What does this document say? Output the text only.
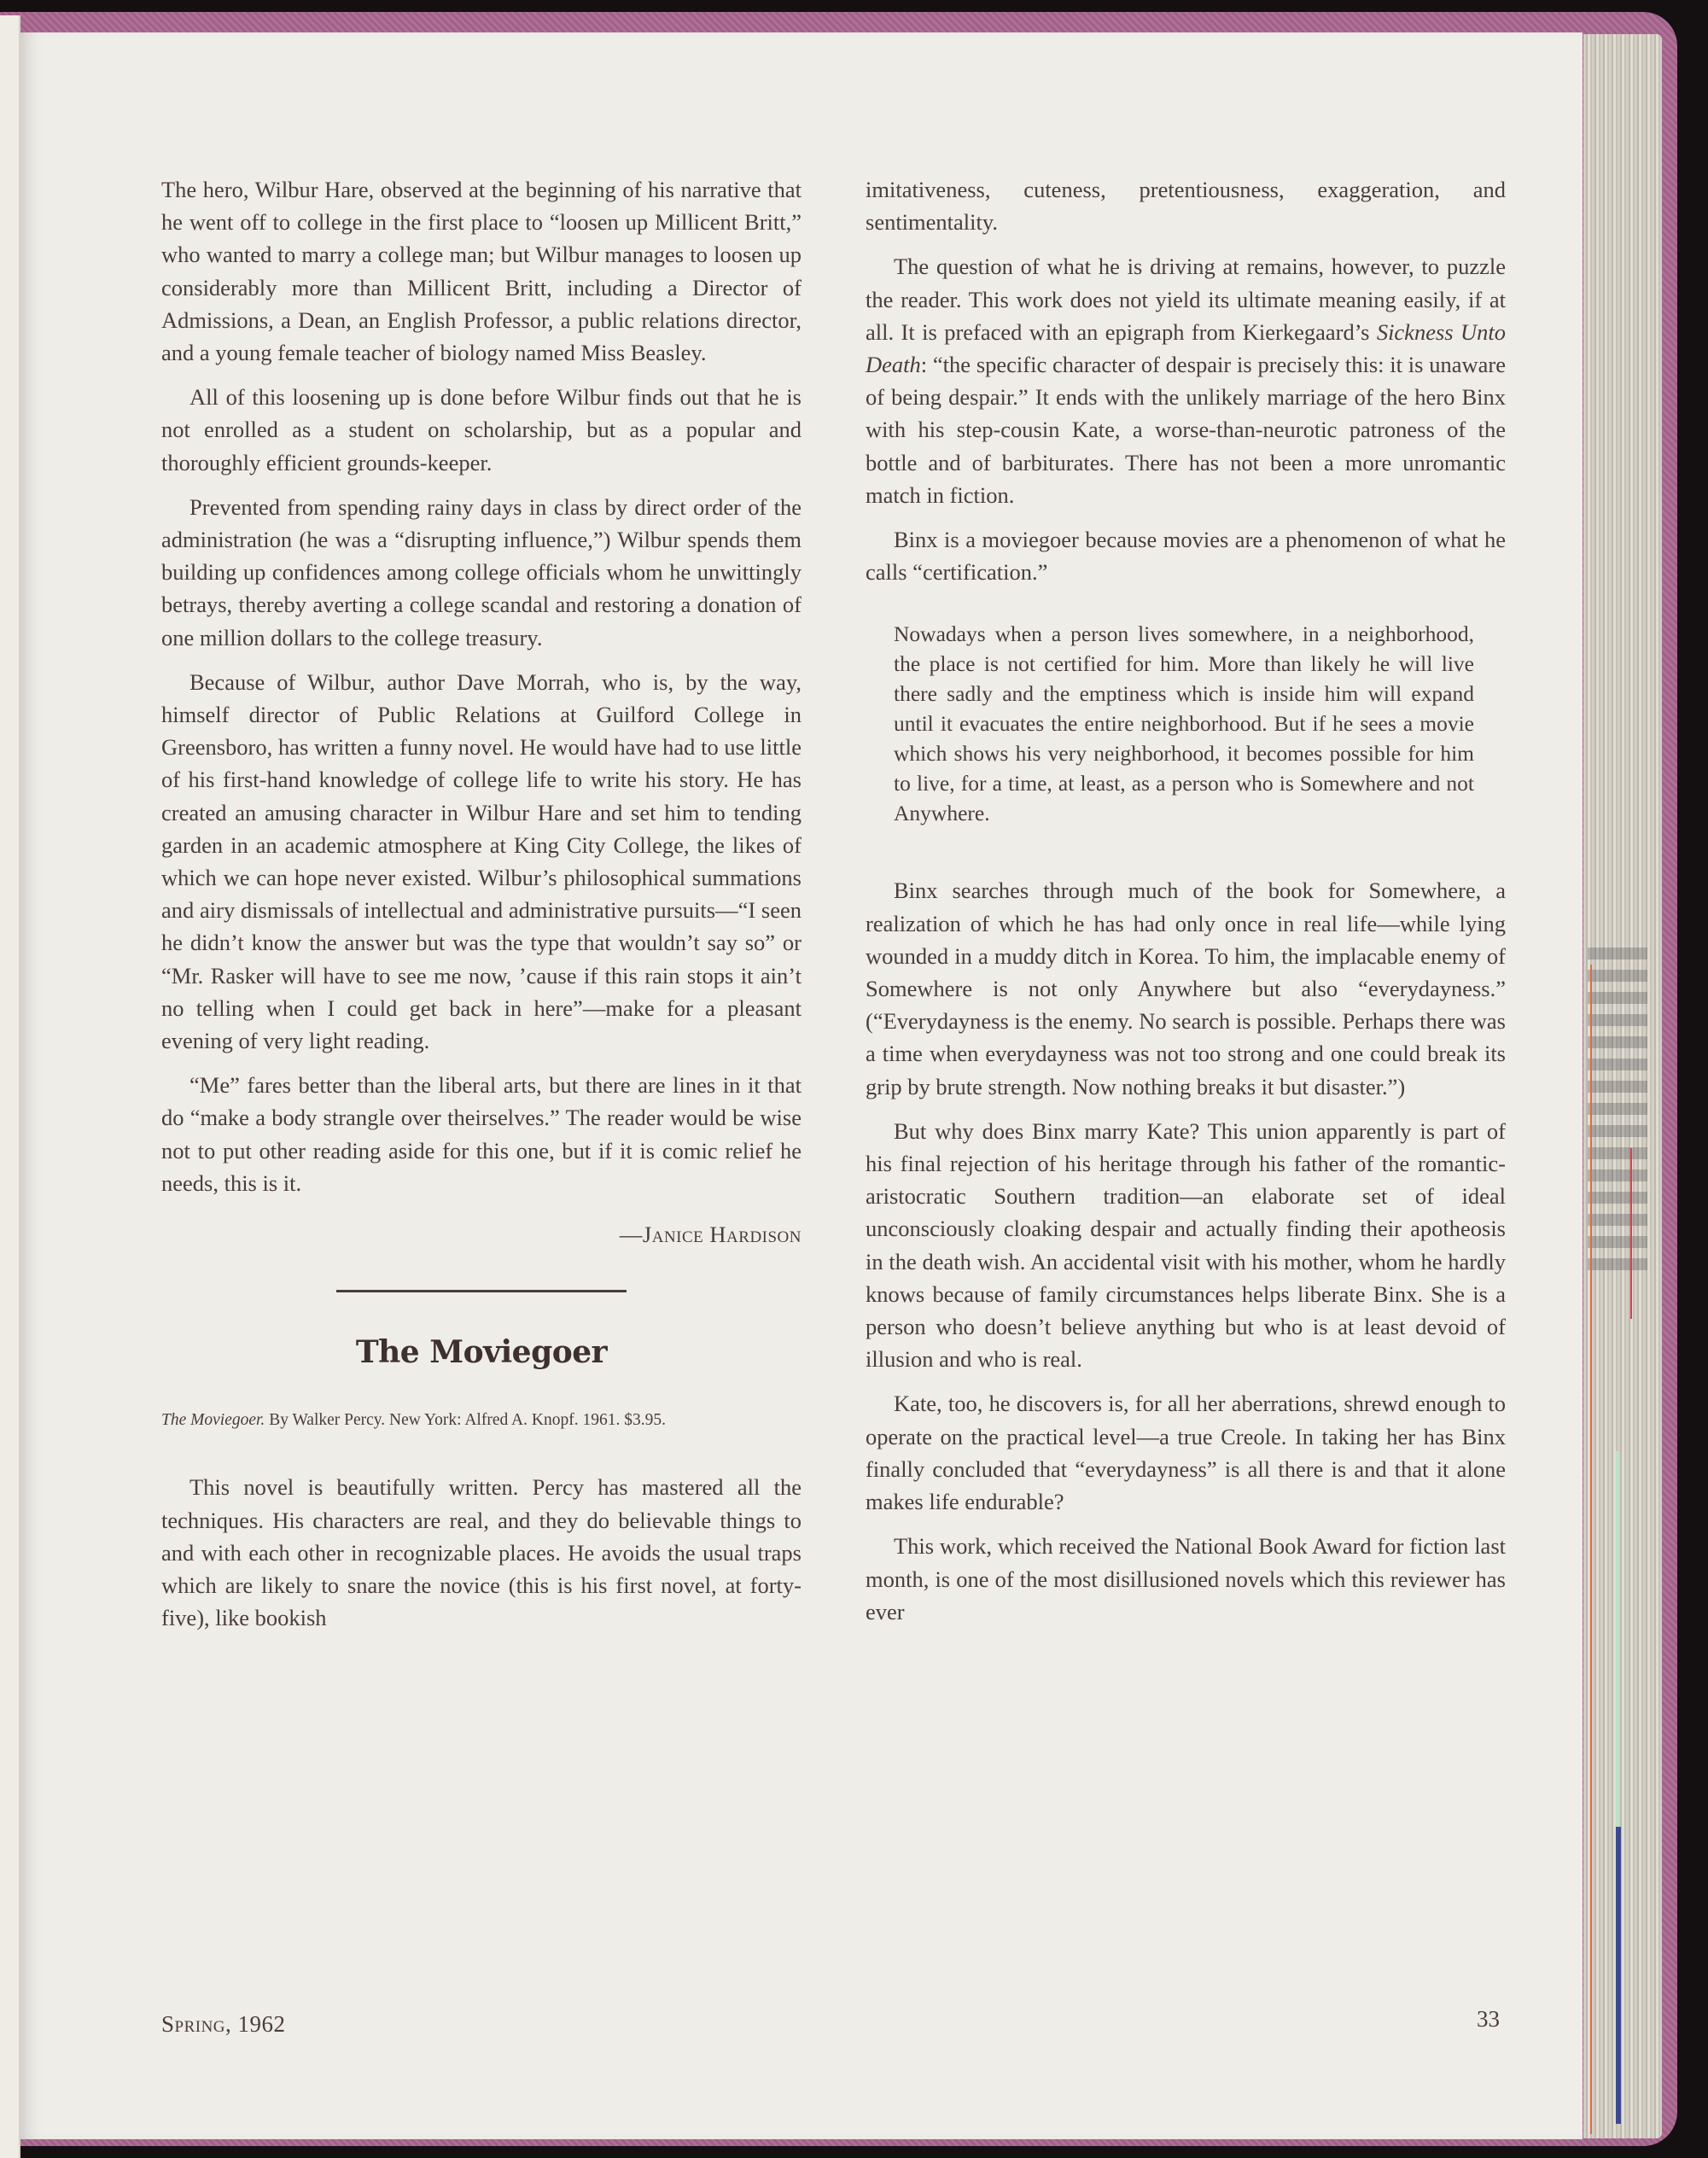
The hero, Wilbur Hare, observed at the beginning of his narrative that he went off to college in the first place to “loosen up Millicent Britt,” who wanted to marry a college man; but Wilbur manages to loosen up considerably more than Millicent Britt, including a Director of Admissions, a Dean, an English Professor, a public relations director, and a young female teacher of biology named Miss Beasley.

All of this loosening up is done before Wilbur finds out that he is not enrolled as a student on scholarship, but as a popular and thoroughly efficient grounds-keeper.

Prevented from spending rainy days in class by direct order of the administration (he was a “disrupting influence,”) Wilbur spends them building up confidences among college officials whom he unwittingly betrays, thereby averting a college scandal and restoring a donation of one million dollars to the college treasury.

Because of Wilbur, author Dave Morrah, who is, by the way, himself director of Public Relations at Guilford College in Greensboro, has written a funny novel. He would have had to use little of his first-hand knowledge of college life to write his story. He has created an amusing character in Wilbur Hare and set him to tending garden in an academic atmosphere at King City College, the likes of which we can hope never existed. Wilbur’s philosophical summations and airy dismissals of intellectual and administrative pursuits—“I seen he didn’t know the answer but was the type that wouldn’t say so” or “Mr. Rasker will have to see me now, ’cause if this rain stops it ain’t no telling when I could get back in here”—make for a pleasant evening of very light reading.

“Me” fares better than the liberal arts, but there are lines in it that do “make a body strangle over theirselves.” The reader would be wise not to put other reading aside for this one, but if it is comic relief he needs, this is it.

—Janice Hardison
The Moviegoer
The Moviegoer. By Walker Percy. New York: Alfred A. Knopf. 1961. $3.95.

This novel is beautifully written. Percy has mastered all the techniques. His characters are real, and they do believable things to and with each other in recognizable places. He avoids the usual traps which are likely to snare the novice (this is his first novel, at forty-five), like bookish

imitativeness, cuteness, pretentiousness, exaggeration, and sentimentality.

The question of what he is driving at remains, however, to puzzle the reader. This work does not yield its ultimate meaning easily, if at all. It is prefaced with an epigraph from Kierkegaard’s Sickness Unto Death: “the specific character of despair is precisely this: it is unaware of being despair.” It ends with the unlikely marriage of the hero Binx with his step-cousin Kate, a worse-than-neurotic patroness of the bottle and of barbiturates. There has not been a more unromantic match in fiction.

Binx is a moviegoer because movies are a phenomenon of what he calls “certification.”

Nowadays when a person lives somewhere, in a neighborhood, the place is not certified for him. More than likely he will live there sadly and the emptiness which is inside him will expand until it evacuates the entire neighborhood. But if he sees a movie which shows his very neighborhood, it becomes possible for him to live, for a time, at least, as a person who is Somewhere and not Anywhere.

Binx searches through much of the book for Somewhere, a realization of which he has had only once in real life—while lying wounded in a muddy ditch in Korea. To him, the implacable enemy of Somewhere is not only Anywhere but also “everydayness.” (“Everydayness is the enemy. No search is possible. Perhaps there was a time when everydayness was not too strong and one could break its grip by brute strength. Now nothing breaks it but disaster.”)

But why does Binx marry Kate? This union apparently is part of his final rejection of his heritage through his father of the romantic-aristocratic Southern tradition—an elaborate set of ideal unconsciously cloaking despair and actually finding their apotheosis in the death wish. An accidental visit with his mother, whom he hardly knows because of family circumstances helps liberate Binx. She is a person who doesn’t believe anything but who is at least devoid of illusion and who is real.

Kate, too, he discovers is, for all her aberrations, shrewd enough to operate on the practical level—a true Creole. In taking her has Binx finally concluded that “everydayness” is all there is and that it alone makes life endurable?

This work, which received the National Book Award for fiction last month, is one of the most disillusioned novels which this reviewer has ever

Spring, 1962	33
